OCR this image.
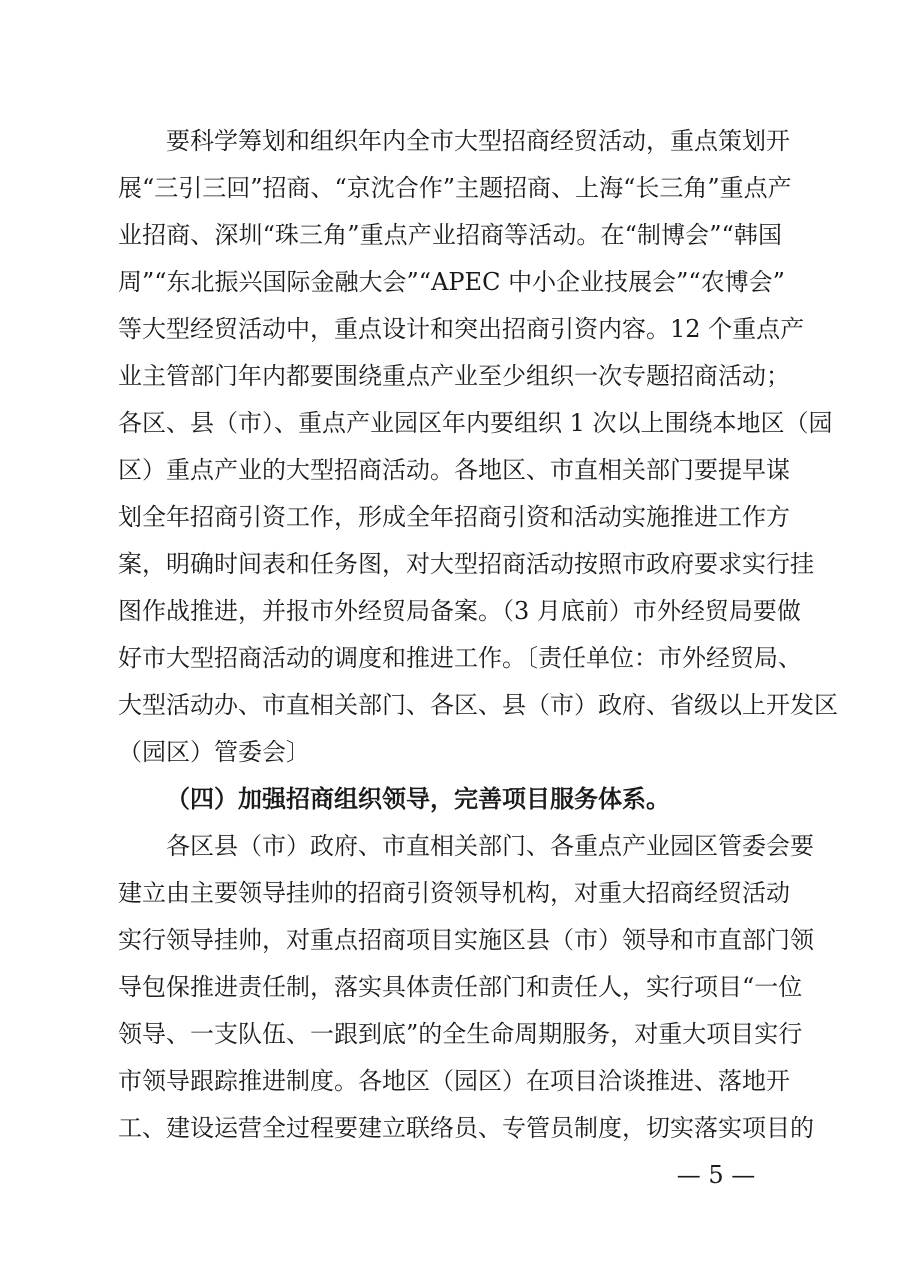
要科学筹划和组织年内全市大型招商经贸活动，重点策划开
展“三引三回”招商、“京沈合作”主题招商、上海“长三角”重点产
业招商、深圳“珠三角”重点产业招商等活动。在“制博会”“韩国
周”“东北振兴国际金融大会”“APEC 中小企业技展会”“农博会”
等大型经贸活动中，重点设计和突出招商引资内容。12 个重点产
业主管部门年内都要围绕重点产业至少组织一次专题招商活动；
各区、县（市）、重点产业园区年内要组织 1 次以上围绕本地区（园
区）重点产业的大型招商活动。各地区、市直相关部门要提早谋
划全年招商引资工作，形成全年招商引资和活动实施推进工作方
案，明确时间表和任务图，对大型招商活动按照市政府要求实行挂
图作战推进，并报市外经贸局备案。（3 月底前）市外经贸局要做
好市大型招商活动的调度和推进工作。〔责任单位：市外经贸局、
大型活动办、市直相关部门、各区、县（市）政府、省级以上开发区
（园区）管委会〕
（四）加强招商组织领导，完善项目服务体系。
各区县（市）政府、市直相关部门、各重点产业园区管委会要
建立由主要领导挂帅的招商引资领导机构，对重大招商经贸活动
实行领导挂帅，对重点招商项目实施区县（市）领导和市直部门领
导包保推进责任制，落实具体责任部门和责任人，实行项目“一位
领导、一支队伍、一跟到底”的全生命周期服务，对重大项目实行
市领导跟踪推进制度。各地区（园区）在项目洽谈推进、落地开
工、建设运营全过程要建立联络员、专管员制度，切实落实项目的
— 5 —
